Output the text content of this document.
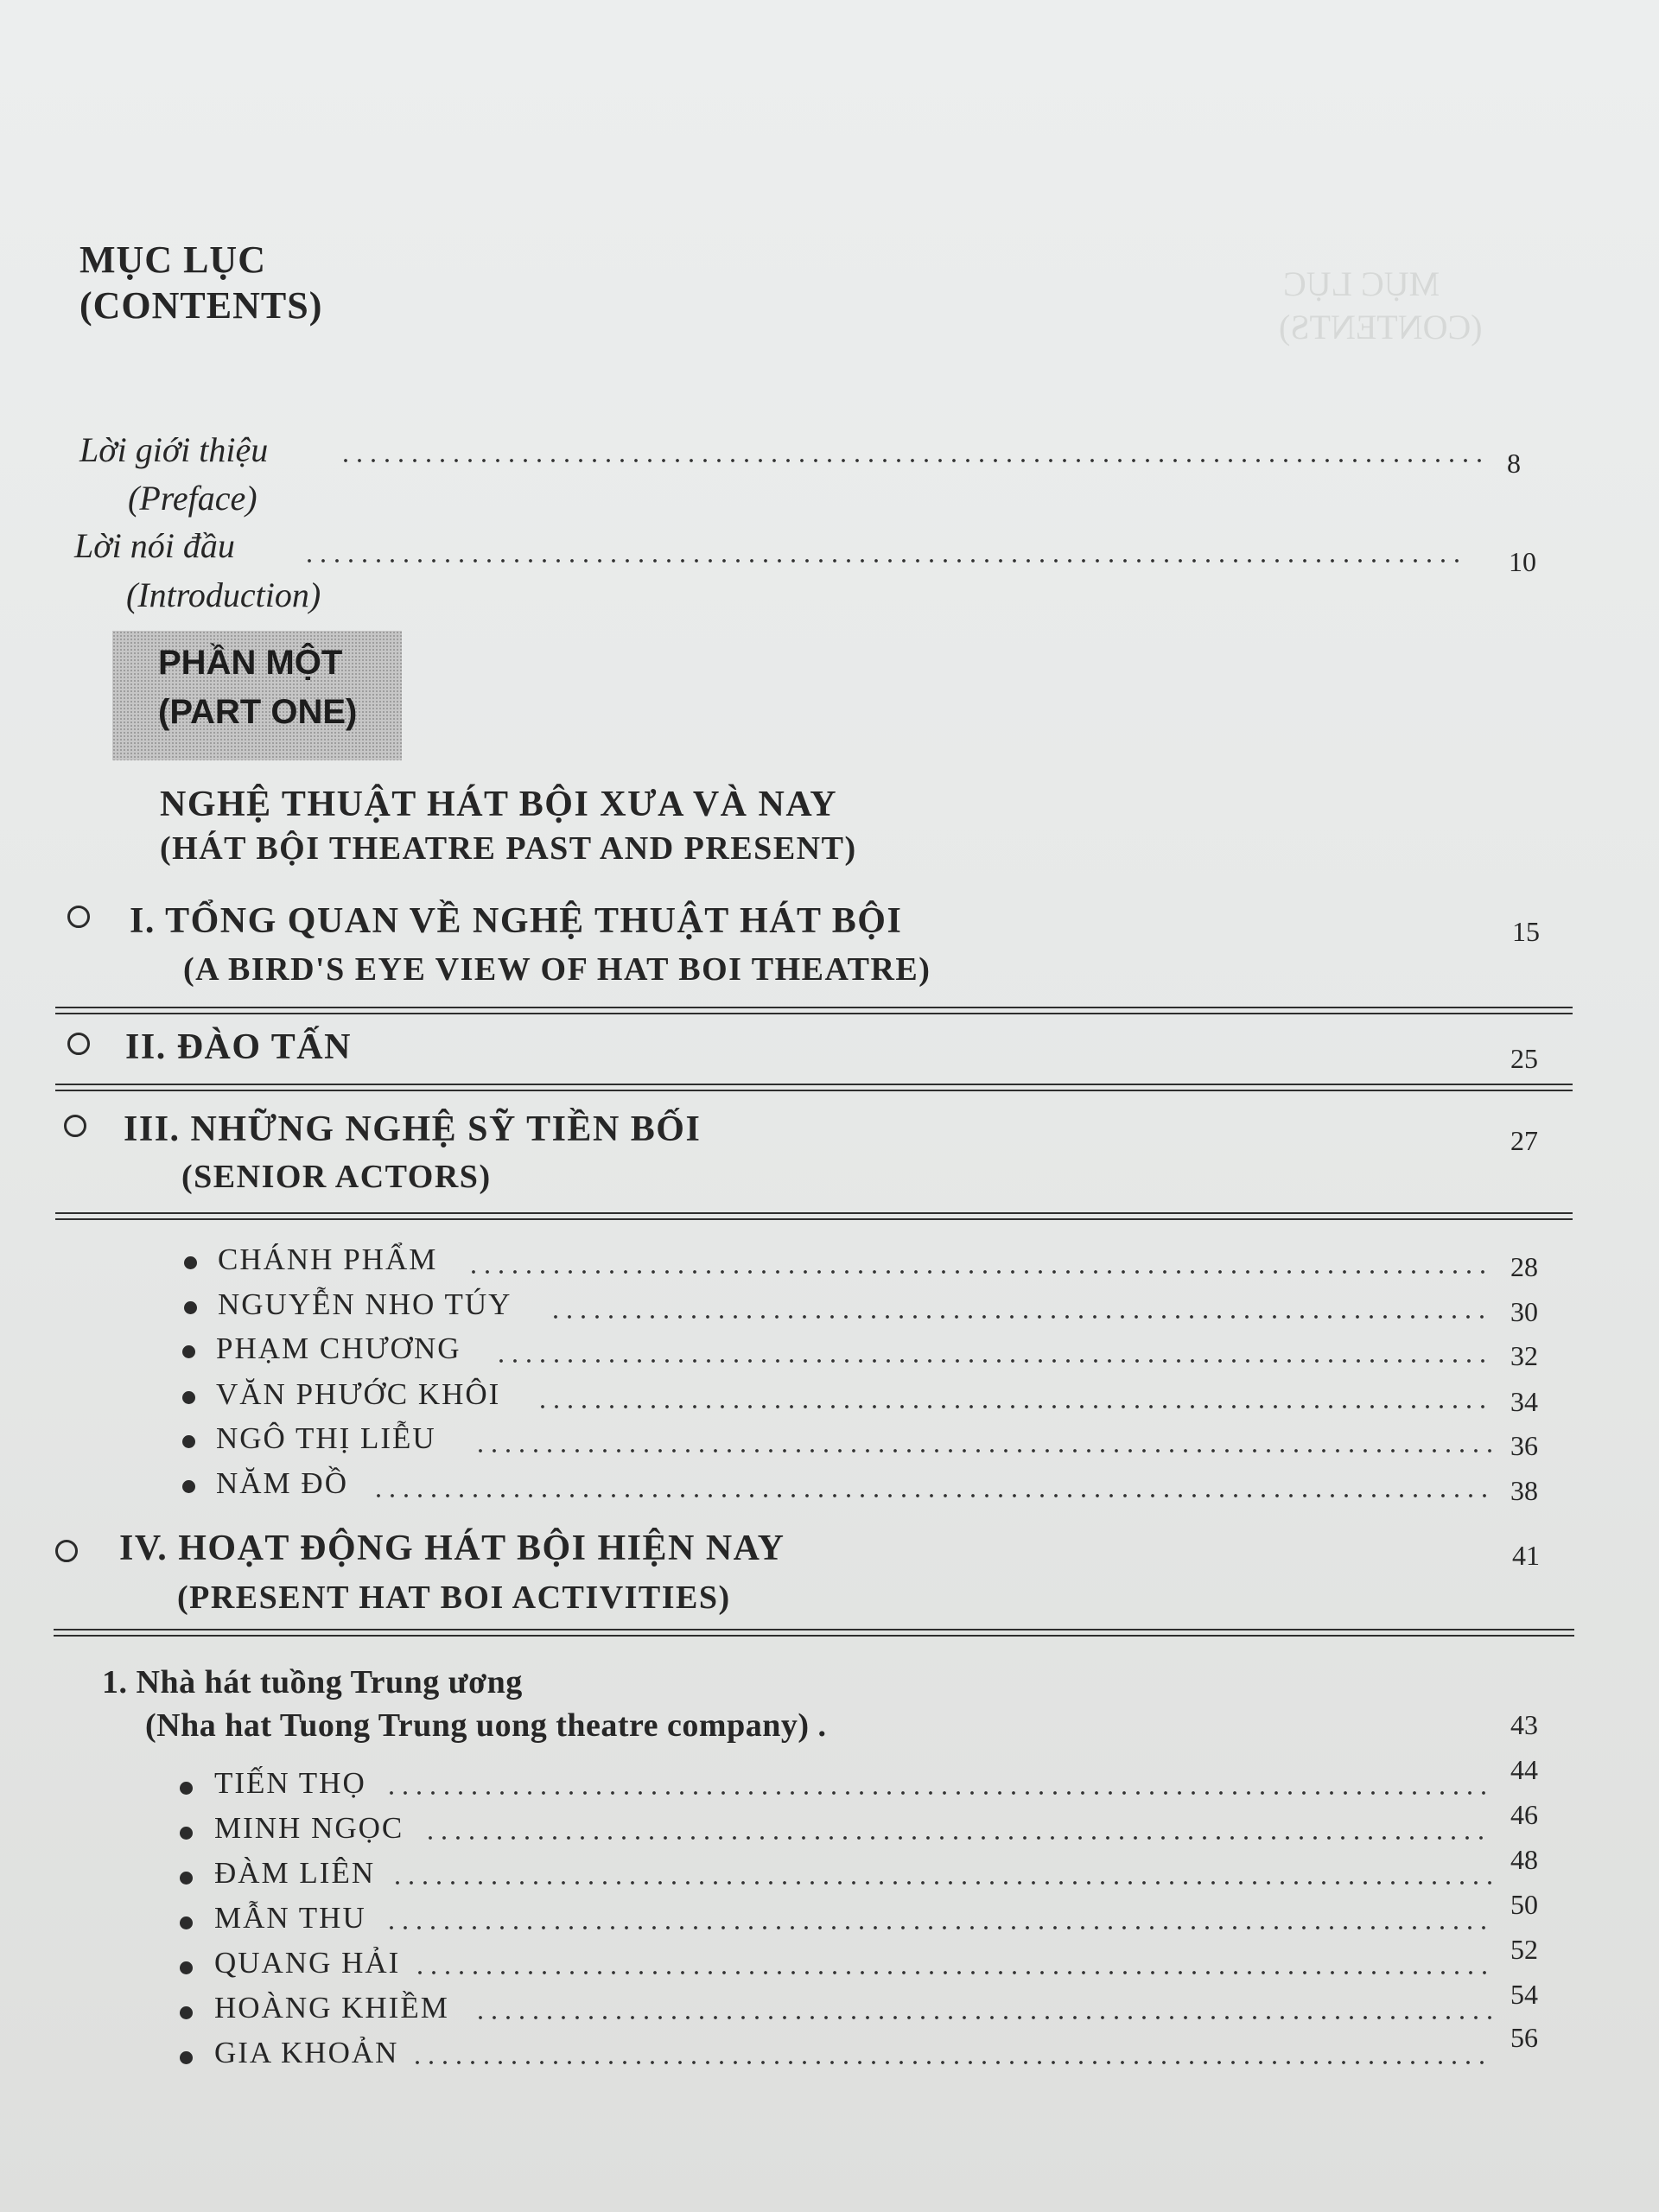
MỤC LỤC
(CONTENTS)
MỤC LỤC
(CONTENTS)
Lời giới thiệu	8
(Preface)
Lời nói đầu	10
(Introduction)
PHẦN MỘT
(PART ONE)
NGHỆ THUẬT HÁT BỘI XƯA VÀ NAY
(HÁT BỘI THEATRE PAST AND PRESENT)
I. TỔNG QUAN VỀ NGHỆ THUẬT HÁT BỘI	15
(A BIRD'S EYE VIEW OF HAT BOI THEATRE)
II. ĐÀO TẤN	25
III. NHỮNG NGHỆ SỸ TIỀN BỐI	27
(SENIOR ACTORS)
CHÁNH PHẨM	28
NGUYỄN NHO TÚY	30
PHẠM CHƯƠNG	32
VĂN PHƯỚC KHÔI	34
NGÔ THỊ LIỄU	36
NĂM ĐỒ	38
IV. HOẠT ĐỘNG HÁT BỘI HIỆN NAY	41
(PRESENT HAT BOI ACTIVITIES)
1. Nhà hát tuồng Trung ương
(Nha hat Tuong Trung uong theatre company) .	43
TIẾN THỌ	44
MINH NGỌC	46
ĐÀM LIÊN	48
MẪN THU	50
QUANG HẢI	52
HOÀNG KHIỀM	54
GIA KHOẢN	56
